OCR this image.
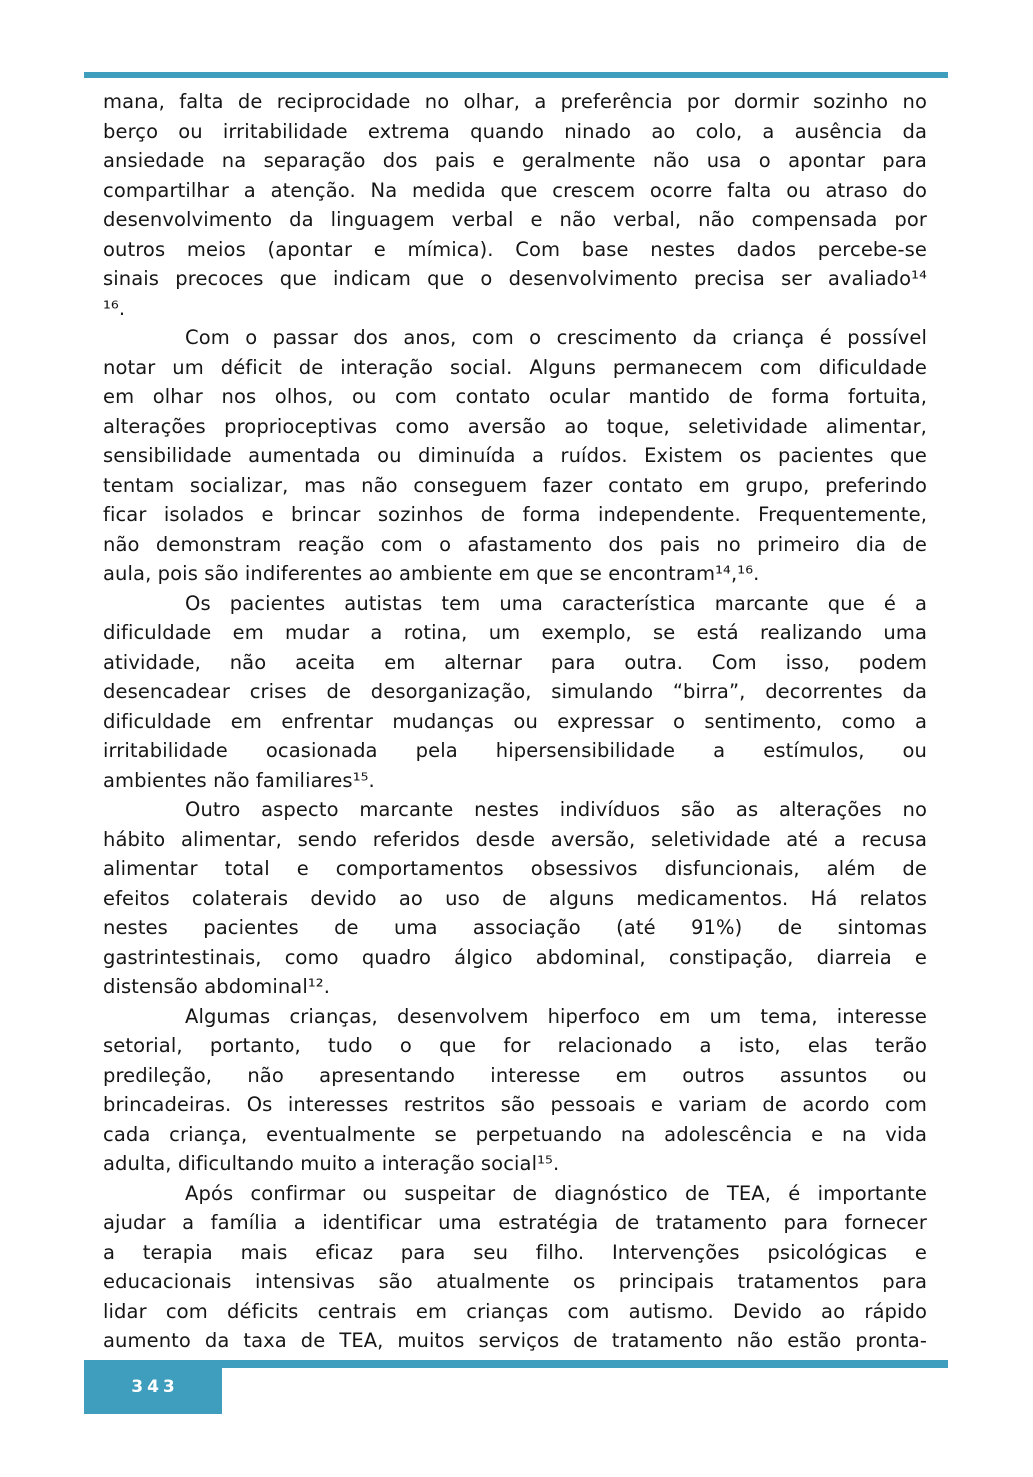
mana, falta de reciprocidade no olhar, a preferência por dormir sozinho no
berço ou irritabilidade extrema quando ninado ao colo, a ausência da
ansiedade na separação dos pais e geralmente não usa o apontar para
compartilhar a atenção. Na medida que crescem ocorre falta ou atraso do
desenvolvimento da linguagem verbal e não verbal, não compensada por
outros meios (apontar e mímica). Com base nestes dados percebe-se
sinais precoces que indicam que o desenvolvimento precisa ser avaliado¹⁴
¹⁶.
Com o passar dos anos, com o crescimento da criança é possível
notar um déficit de interação social. Alguns permanecem com dificuldade
em olhar nos olhos, ou com contato ocular mantido de forma fortuita,
alterações proprioceptivas como aversão ao toque, seletividade alimentar,
sensibilidade aumentada ou diminuída a ruídos. Existem os pacientes que
tentam socializar, mas não conseguem fazer contato em grupo, preferindo
ficar isolados e brincar sozinhos de forma independente. Frequentemente,
não demonstram reação com o afastamento dos pais no primeiro dia de
aula, pois são indiferentes ao ambiente em que se encontram¹⁴,¹⁶.
Os pacientes autistas tem uma característica marcante que é a
dificuldade em mudar a rotina, um exemplo, se está realizando uma
atividade, não aceita em alternar para outra. Com isso, podem
desencadear crises de desorganização, simulando “birra”, decorrentes da
dificuldade em enfrentar mudanças ou expressar o sentimento, como a
irritabilidade ocasionada pela hipersensibilidade a estímulos, ou
ambientes não familiares¹⁵.
Outro aspecto marcante nestes indivíduos são as alterações no
hábito alimentar, sendo referidos desde aversão, seletividade até a recusa
alimentar total e comportamentos obsessivos disfuncionais, além de
efeitos colaterais devido ao uso de alguns medicamentos. Há relatos
nestes pacientes de uma associação (até 91%) de sintomas
gastrintestinais, como quadro álgico abdominal, constipação, diarreia e
distensão abdominal¹².
Algumas crianças, desenvolvem hiperfoco em um tema, interesse
setorial, portanto, tudo o que for relacionado a isto, elas terão
predileção, não apresentando interesse em outros assuntos ou
brincadeiras. Os interesses restritos são pessoais e variam de acordo com
cada criança, eventualmente se perpetuando na adolescência e na vida
adulta, dificultando muito a interação social¹⁵.
Após confirmar ou suspeitar de diagnóstico de TEA, é importante
ajudar a família a identificar uma estratégia de tratamento para fornecer
a terapia mais eficaz para seu filho. Intervenções psicológicas e
educacionais intensivas são atualmente os principais tratamentos para
lidar com déficits centrais em crianças com autismo. Devido ao rápido
aumento da taxa de TEA, muitos serviços de tratamento não estão pronta-
343
